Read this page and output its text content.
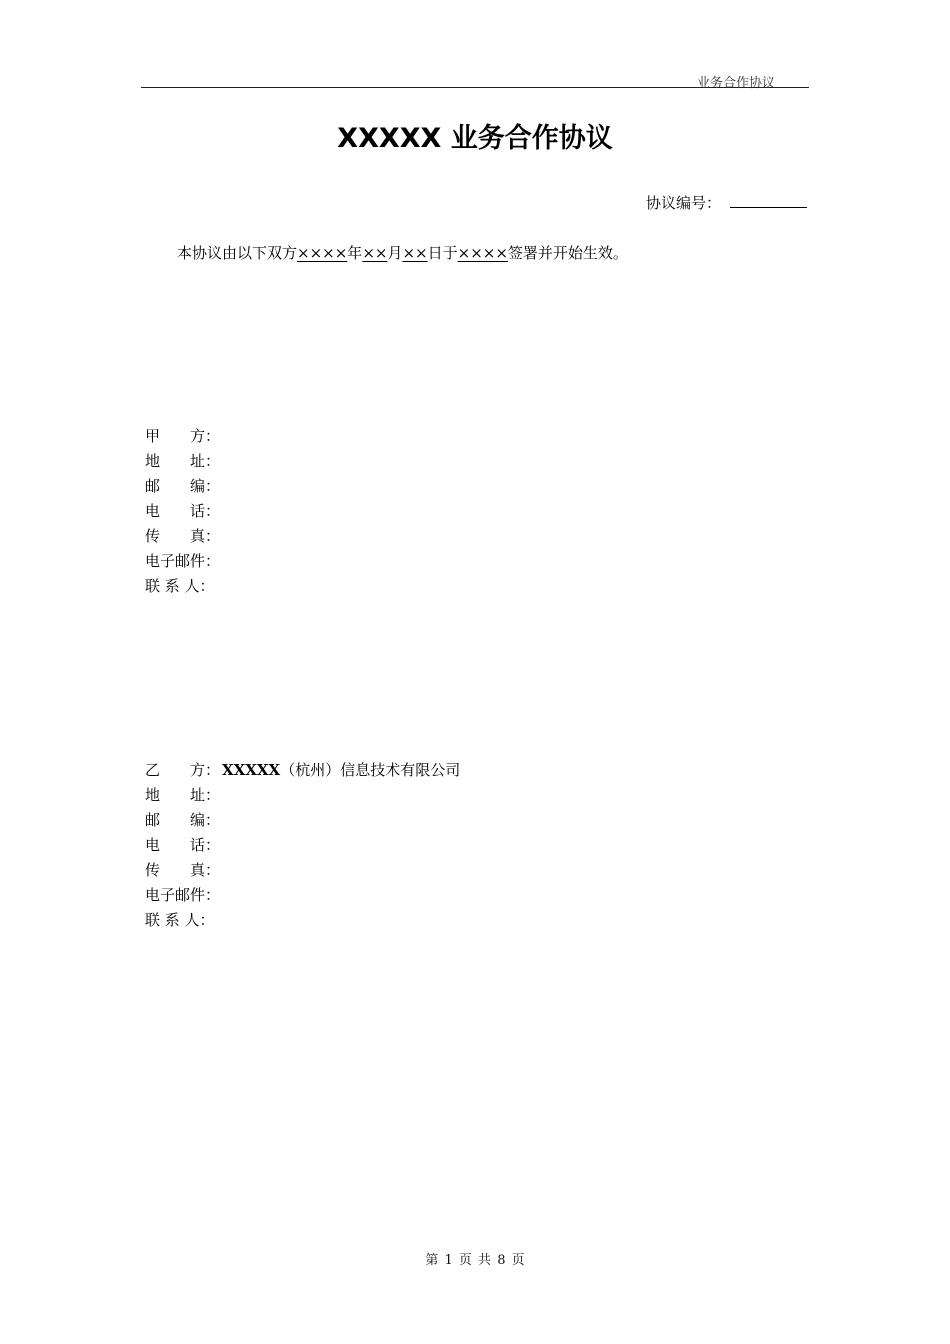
业务合作协议
XXXXX 业务合作协议
协议编号：
本协议由以下双方××××年××月××日于××××签署并开始生效。
甲　　方：
地　　址：
邮　　编：
电　　话：
传　　真：
电子邮件：
联 系 人：
乙　　方： XXXXX（杭州）信息技术有限公司
地　　址：
邮　　编：
电　　话：
传　　真：
电子邮件：
联 系 人：
第 1 页 共 8 页
